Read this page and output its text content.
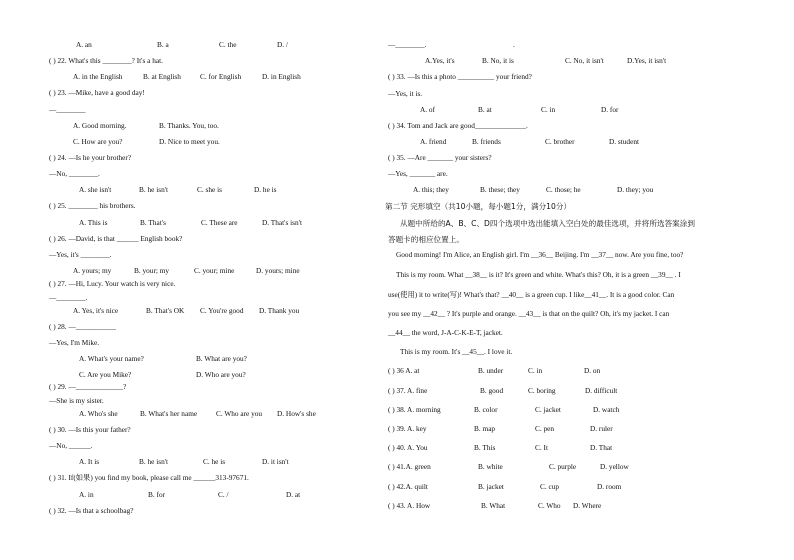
A. an	B. a	C. the	D. /
( ) 22. What's this ________? It's a hat.
A. in the English	B. at English	C. for English	D. in English
( ) 23. —Mike, have a good day!
—________
A. Good morning.	B. Thanks. You, too.
C. How are you?	D. Nice to meet you.
( ) 24. —Is he your brother?
—No, ________.
A. she isn't	B. he isn't	C. she is	D. he is
( ) 25. ________ his brothers.
A. This is	B. That's	C. These are	D. That's isn't
( ) 26. —David, is that ______ English book?
—Yes, it's ________.
A. yours; my	B. your; my	C. your; mine	D. yours; mine
( ) 27. —Hi, Lucy. Your watch is very nice.
—________.
A. Yes, it's nice	B. That's OK C. You're good D. Thank you
( ) 28. —___________
—Yes, I'm Mike.
A. What's your name?	B. What are you?
C. Are you Mike?	D. Who are you?
( ) 29. —_____________?
—She is my sister.
A. Who's she	B. What's her name	C. Who are you D. How's she
( ) 30. —Is this your father?
—No, ______.
A. It is	B. he isn't	C. he is	D. it isn't
( ) 31. If(如果) you find my book, please call me ______313-97671.
A. in	B. for	C. /	D. at
( ) 32. —Is that a schoolbag?
第二节 完形填空（共10小题，每小题1分，满分10分）
从题中所给的A、B、C、D四个选项中选出能填入空白处的最佳选项，并将所选答案涂到
答题卡的相应位置上。
Good morning! I'm Alice, an English girl. I'm __36__ Beijing. I'm __37__ now. Are you fine, too?
This is my room. What __38__ is it? It's green and white. What's this? Oh, it is a green __39__ . I
use(使用) it to write(写)! What's that? __40__ is a green cup. I like__41__. It is a good color. Can
you see my __42__ ? It's purple and orange. __43__ is that on the quilt? Oh, it's my jacket. I can
__44__ the word, J-A-C-K-E-T, jacket.
This is my room. It's __45__. I love it.
( ) 36 A. at	B. under	C. in	D. on
( ) 37. A. fine	B. good	C. boring	D. difficult
( ) 38. A. morning	B. color	C. jacket	D. watch
( ) 39. A. key	B. map	C. pen	D. ruler
( ) 40. A. You	B. This	C. It	D. That
( ) 41.A. green	B. white	C. purple	D. yellow
( ) 42.A. quilt	B. jacket	C. cup	D. room
( ) 43. A. How	B. What	C. Who D. Where
—________.	.
A.Yes, it's	B. No, it is	C. No, it isn't	D.Yes, it isn't
( ) 33. —Is this a photo __________ your friend?
—Yes, it is.
A. of	B. at	C. in	D. for
( ) 34. Tom and Jack are good______________.
A. friend	B. friends	C. brother	D. student
( ) 35. —Are _______ your sisters?
—Yes, _______ are.
A. this; they	B. these; they	C. those; he	D. they; you
